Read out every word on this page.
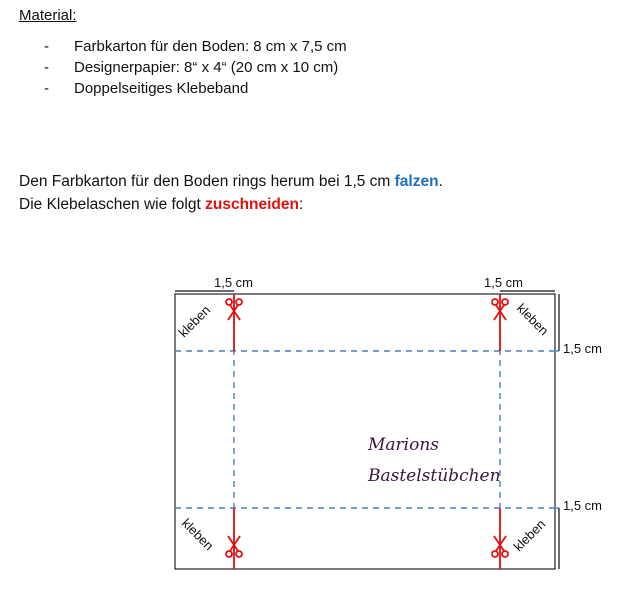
Material:
- Farbkarton für den Boden: 8 cm x 7,5 cm
- Designerpapier: 8“ x 4“ (20 cm x 10 cm)
- Doppelseitiges Klebeband
Den Farbkarton für den Boden rings herum bei 1,5 cm falzen.
Die Klebelaschen wie folgt zuschneiden:
1,5 cm	1,5 cm
1,5 cm
1,5 cm
kleben	kleben
kleben	kleben
Marions
Bastelstübchen
